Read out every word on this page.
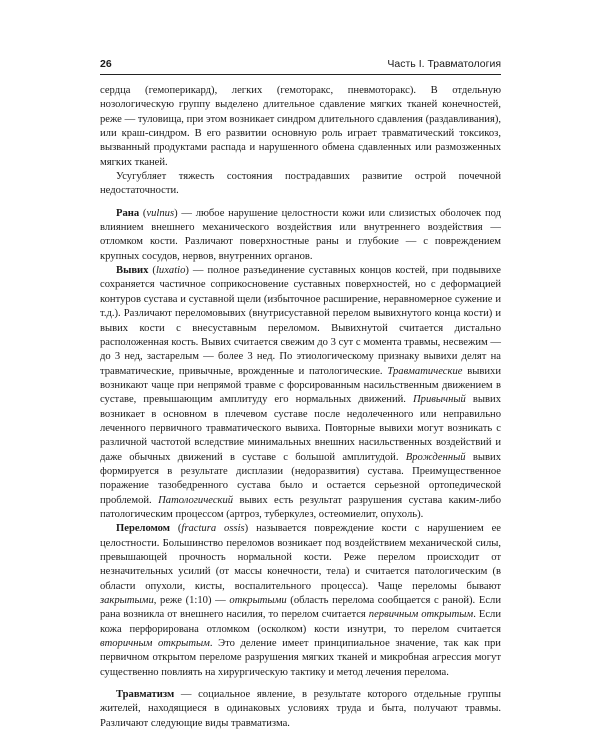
26	Часть I. Травматология

сердца (гемоперикард), легких (гемоторакс, пневмоторакс). В отдельную нозологическую группу выделено длительное сдавление мягких тканей конечностей, реже — туловища, при этом возникает синдром длительного сдавления (раздавливания), или краш-синдром. В его развитии основную роль играет травматический токсикоз, вызванный продуктами распада и нарушенного обмена сдавленных или размозженных мягких тканей.

Усугубляет тяжесть состояния пострадавших развитие острой почечной недостаточности.

Рана (vulnus) — любое нарушение целостности кожи или слизистых оболочек под влиянием внешнего механического воздействия или внутреннего воздействия — отломком кости. Различают поверхностные раны и глубокие — с повреждением крупных сосудов, нервов, внутренних органов.

Вывих (luxatio) — полное разъединение суставных концов костей, при подвывихе сохраняется частичное соприкосновение суставных поверхностей, но с деформацией контуров сустава и суставной щели (избыточное расширение, неравномерное сужение и т.д.). Различают переломовывих (внутрисуставной перелом вывихнутого конца кости) и вывих кости с внесуставным переломом. Вывихнутой считается дистально расположенная кость. Вывих считается свежим до 3 сут с момента травмы, несвежим — до 3 нед, застарелым — более 3 нед. По этиологическому признаку вывихи делят на травматические, привычные, врожденные и патологические. Травматические вывихи возникают чаще при непрямой травме с форсированным насильственным движением в суставе, превышающим амплитуду его нормальных движений. Привычный вывих возникает в основном в плечевом суставе после недолеченного или неправильно леченного первичного травматического вывиха. Повторные вывихи могут возникать с различной частотой вследствие минимальных внешних насильственных воздействий и даже обычных движений в суставе с большой амплитудой. Врожденный вывих формируется в результате дисплазии (недоразвития) сустава. Преимущественное поражение тазобедренного сустава было и остается серьезной ортопедической проблемой. Патологический вывих есть результат разрушения сустава каким-либо патологическим процессом (артроз, туберкулез, остеомиелит, опухоль).

Переломом (fractura ossis) называется повреждение кости с нарушением ее целостности. Большинство переломов возникает под воздействием механической силы, превышающей прочность нормальной кости. Реже перелом происходит от незначительных усилий (от массы конечности, тела) и считается патологическим (в области опухоли, кисты, воспалительного процесса). Чаще переломы бывают закрытыми, реже (1:10) — открытыми (область перелома сообщается с раной). Если рана возникла от внешнего насилия, то перелом считается первичным открытым. Если кожа перфорирована отломком (осколком) кости изнутри, то перелом считается вторичным открытым. Это деление имеет принципиальное значение, так как при первичном открытом переломе разрушения мягких тканей и микробная агрессия могут существенно повлиять на хирургическую тактику и метод лечения перелома.

Травматизм — социальное явление, в результате которого отдельные группы жителей, находящиеся в одинаковых условиях труда и быта, получают травмы. Различают следующие виды травматизма.
